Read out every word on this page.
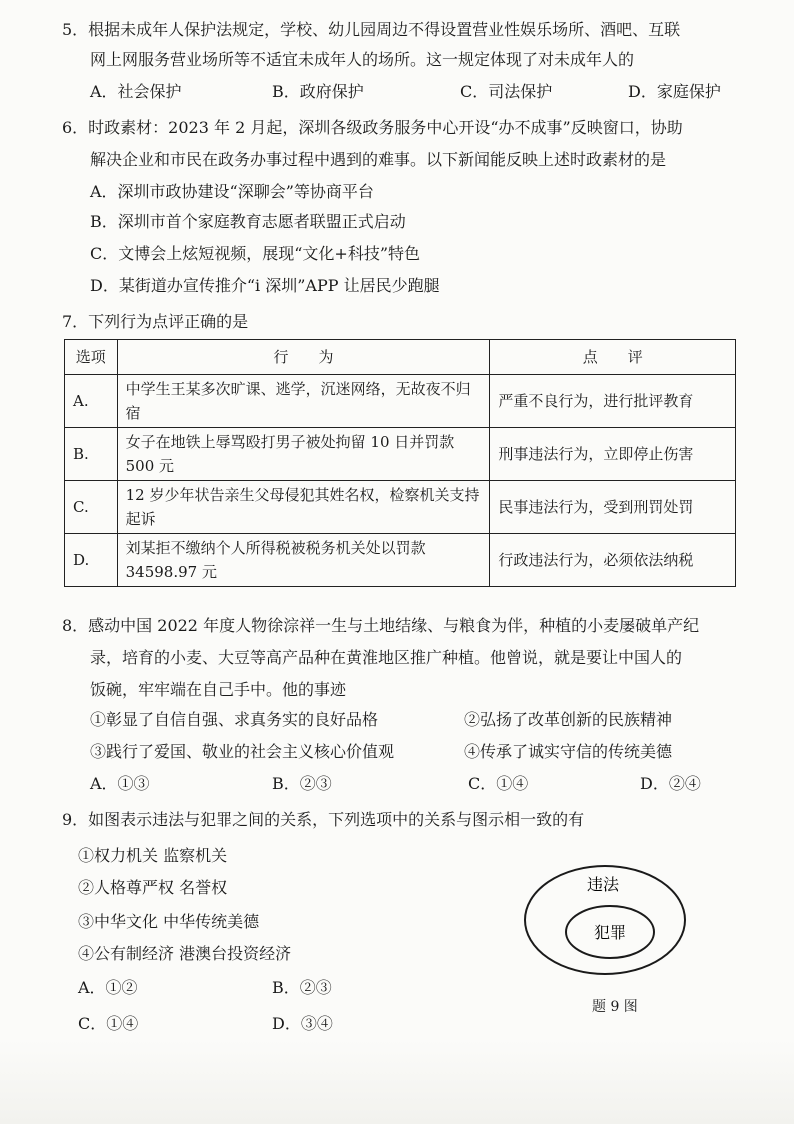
5．根据未成年人保护法规定，学校、幼儿园周边不得设置营业性娱乐场所、酒吧、互联
网上网服务营业场所等不适宜未成年人的场所。这一规定体现了对未成年人的
A．社会保护	B．政府保护	C．司法保护	D．家庭保护
6．时政素材：2023 年 2 月起，深圳各级政务服务中心开设“办不成事”反映窗口，协助
解决企业和市民在政务办事过程中遇到的难事。以下新闻能反映上述时政素材的是
A．深圳市政协建设“深聊会”等协商平台
B．深圳市首个家庭教育志愿者联盟正式启动
C．文博会上炫短视频，展现“文化+科技”特色
D．某街道办宣传推介“i 深圳”APP 让居民少跑腿
7．下列行为点评正确的是
选项	行　　为	点　　评
A.	中学生王某多次旷课、逃学，沉迷网络，无故夜不归宿	严重不良行为，进行批评教育
B.	女子在地铁上辱骂殴打男子被处拘留 10 日并罚款 500 元	刑事违法行为，立即停止伤害
C.	12 岁少年状告亲生父母侵犯其姓名权，检察机关支持起诉	民事违法行为，受到刑罚处罚
D.	刘某拒不缴纳个人所得税被税务机关处以罚款 34598.97 元	行政违法行为，必须依法纳税
8．感动中国 2022 年度人物徐淙祥一生与土地结缘、与粮食为伴，种植的小麦屡破单产纪
录，培育的小麦、大豆等高产品种在黄淮地区推广种植。他曾说，就是要让中国人的
饭碗，牢牢端在自己手中。他的事迹
①彰显了自信自强、求真务实的良好品格	②弘扬了改革创新的民族精神
③践行了爱国、敬业的社会主义核心价值观	④传承了诚实守信的传统美德
A．①③	B．②③	C．①④	D．②④
9．如图表示违法与犯罪之间的关系，下列选项中的关系与图示相一致的有
①权力机关 监察机关
②人格尊严权 名誉权
③中华文化 中华传统美德
④公有制经济 港澳台投资经济
A．①②	B．②③
C．①④	D．③④
违法
犯罪
题 9 图
